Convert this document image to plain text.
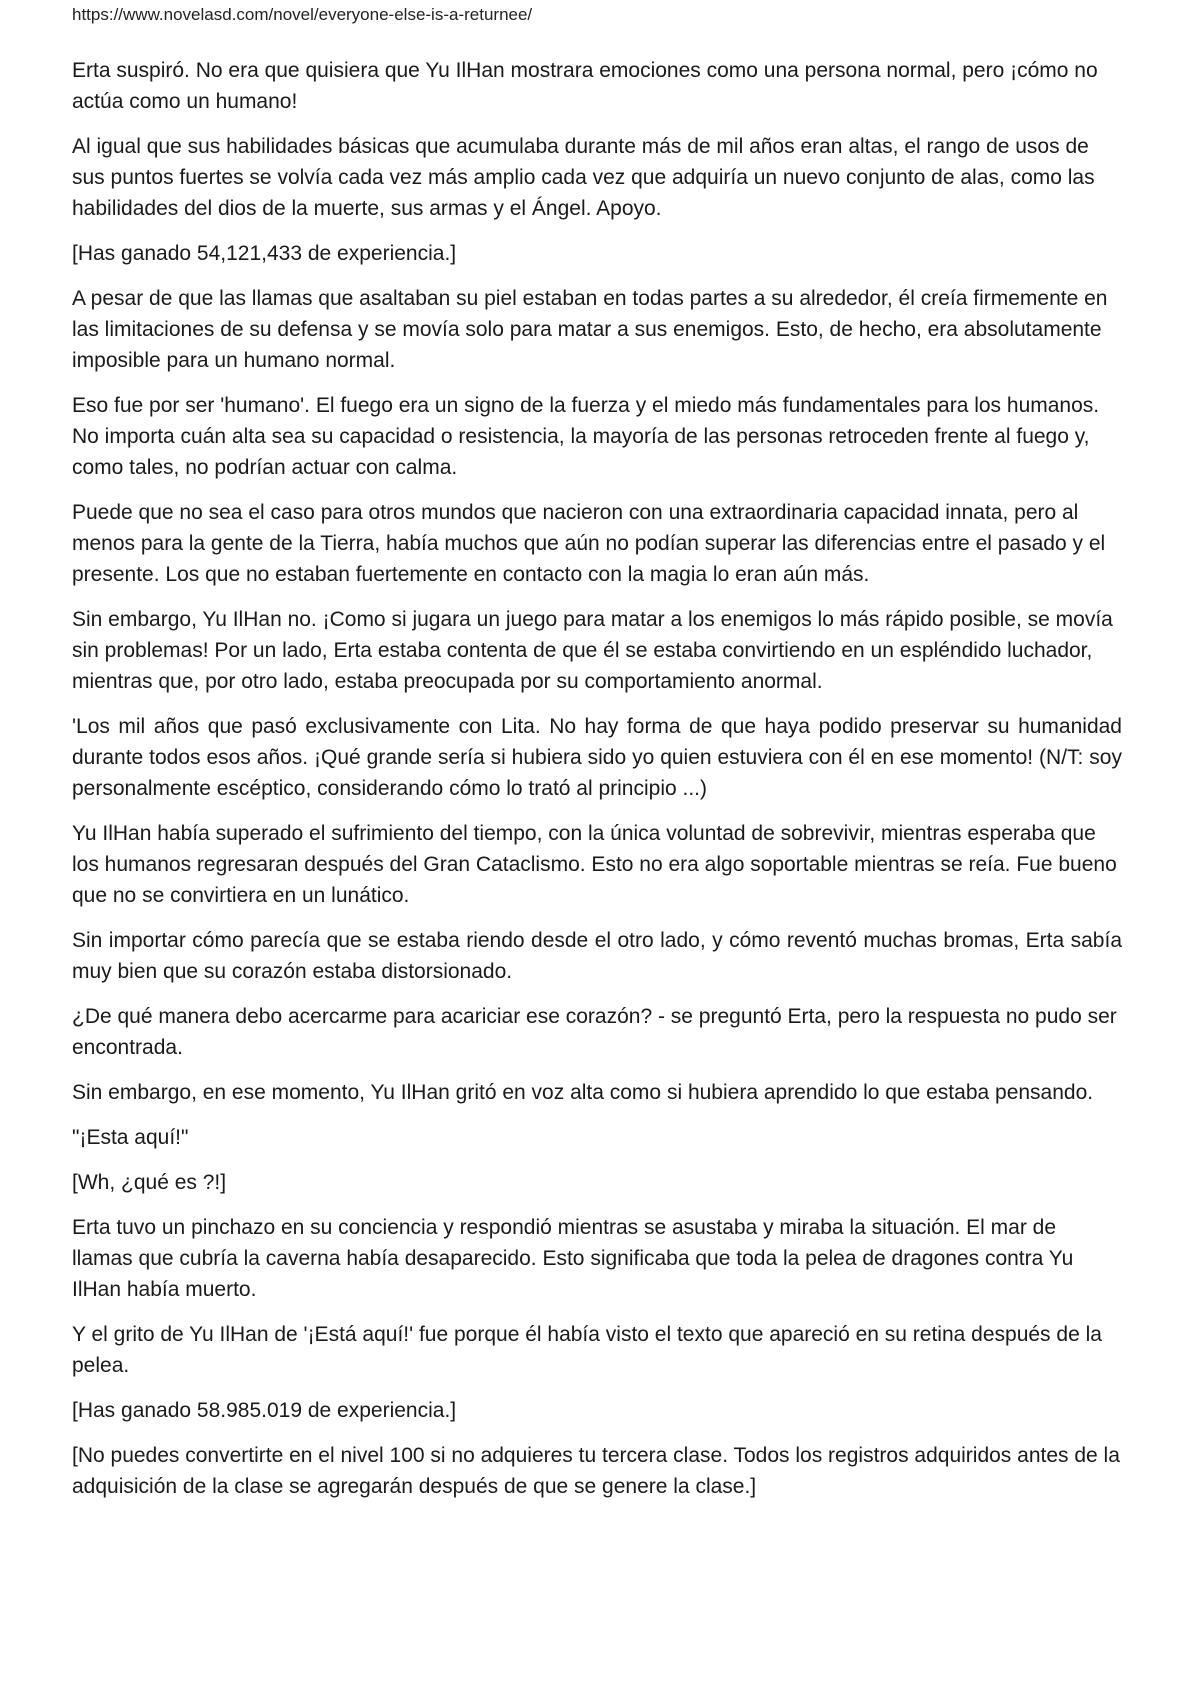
https://www.novelasd.com/novel/everyone-else-is-a-returnee/

Erta suspiró. No era que quisiera que Yu IlHan mostrara emociones como una persona normal, pero ¡cómo no actúa como un humano!

Al igual que sus habilidades básicas que acumulaba durante más de mil años eran altas, el rango de usos de sus puntos fuertes se volvía cada vez más amplio cada vez que adquiría un nuevo conjunto de alas, como las habilidades del dios de la muerte, sus armas y el Ángel. Apoyo.

[Has ganado 54,121,433 de experiencia.]

A pesar de que las llamas que asaltaban su piel estaban en todas partes a su alrededor, él creía firmemente en las limitaciones de su defensa y se movía solo para matar a sus enemigos. Esto, de hecho, era absolutamente imposible para un humano normal.

Eso fue por ser 'humano'. El fuego era un signo de la fuerza y el miedo más fundamentales para los humanos. No importa cuán alta sea su capacidad o resistencia, la mayoría de las personas retroceden frente al fuego y, como tales, no podrían actuar con calma.

Puede que no sea el caso para otros mundos que nacieron con una extraordinaria capacidad innata, pero al menos para la gente de la Tierra, había muchos que aún no podían superar las diferencias entre el pasado y el presente. Los que no estaban fuertemente en contacto con la magia lo eran aún más.

Sin embargo, Yu IlHan no. ¡Como si jugara un juego para matar a los enemigos lo más rápido posible, se movía sin problemas! Por un lado, Erta estaba contenta de que él se estaba convirtiendo en un espléndido luchador, mientras que, por otro lado, estaba preocupada por su comportamiento anormal.

'Los mil años que pasó exclusivamente con Lita. No hay forma de que haya podido preservar su humanidad durante todos esos años. ¡Qué grande sería si hubiera sido yo quien estuviera con él en ese momento! (N/T: soy personalmente escéptico, considerando cómo lo trató al principio ...)

Yu IlHan había superado el sufrimiento del tiempo, con la única voluntad de sobrevivir, mientras esperaba que los humanos regresaran después del Gran Cataclismo. Esto no era algo soportable mientras se reía. Fue bueno que no se convirtiera en un lunático.

Sin importar cómo parecía que se estaba riendo desde el otro lado, y cómo reventó muchas bromas, Erta sabía muy bien que su corazón estaba distorsionado.

¿De qué manera debo acercarme para acariciar ese corazón? - se preguntó Erta, pero la respuesta no pudo ser encontrada.

Sin embargo, en ese momento, Yu IlHan gritó en voz alta como si hubiera aprendido lo que estaba pensando.

"¡Esta aquí!"

[Wh, ¿qué es ?!]

Erta tuvo un pinchazo en su conciencia y respondió mientras se asustaba y miraba la situación. El mar de llamas que cubría la caverna había desaparecido. Esto significaba que toda la pelea de dragones contra Yu IlHan había muerto.

Y el grito de Yu IlHan de '¡Está aquí!' fue porque él había visto el texto que apareció en su retina después de la pelea.

[Has ganado 58.985.019 de experiencia.]

[No puedes convertirte en el nivel 100 si no adquieres tu tercera clase. Todos los registros adquiridos antes de la adquisición de la clase se agregarán después de que se genere la clase.]
